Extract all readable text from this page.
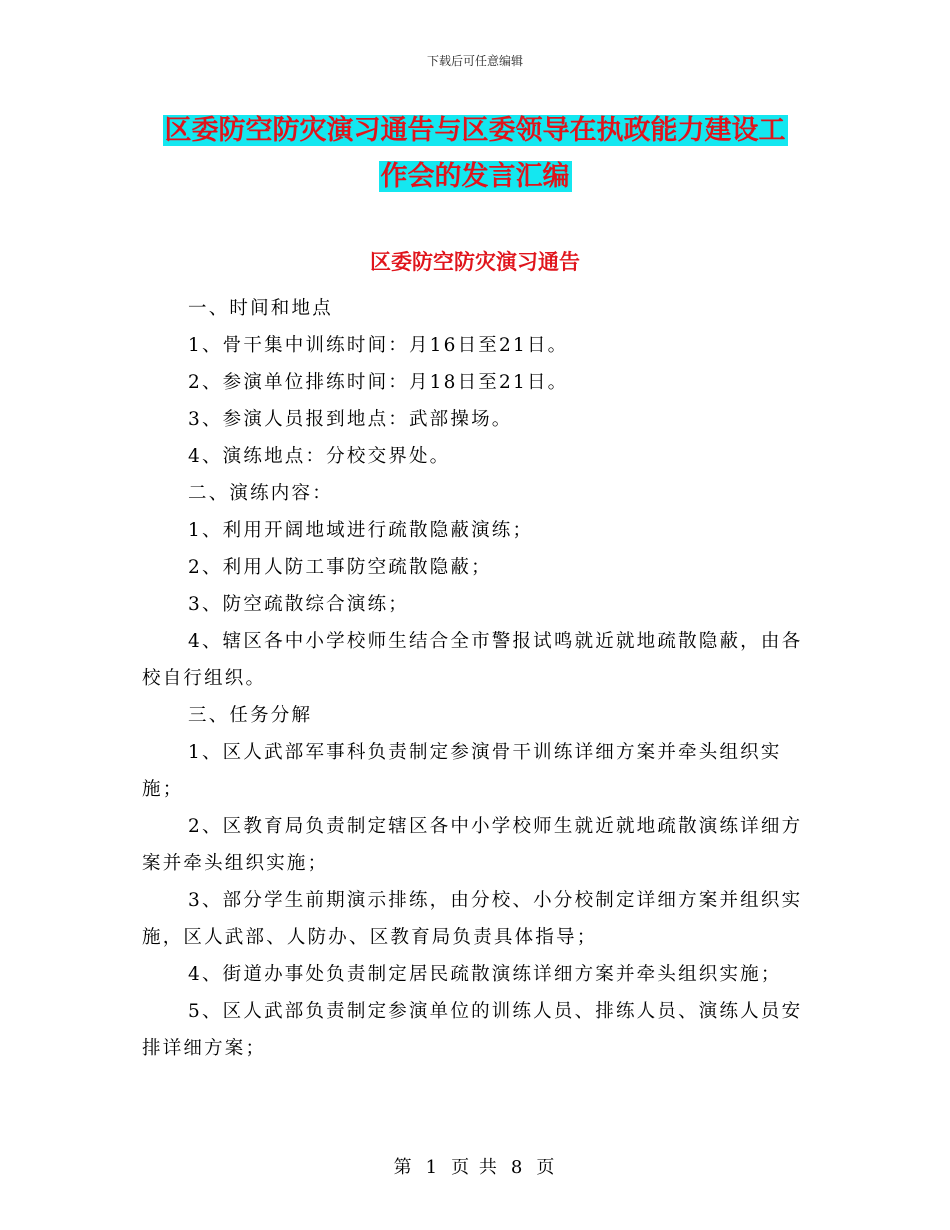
下载后可任意编辑
区委防空防灾演习通告与区委领导在执政能力建设工
作会的发言汇编
区委防空防灾演习通告

一、时间和地点

1、骨干集中训练时间：月16日至21日。

2、参演单位排练时间：月18日至21日。

3、参演人员报到地点：武部操场。

4、演练地点：分校交界处。

二、演练内容：

1、利用开阔地域进行疏散隐蔽演练；

2、利用人防工事防空疏散隐蔽；

3、防空疏散综合演练；

4、辖区各中小学校师生结合全市警报试鸣就近就地疏散隐蔽，由各校自行组织。

三、任务分解

1、区人武部军事科负责制定参演骨干训练详细方案并牵头组织实施；

2、区教育局负责制定辖区各中小学校师生就近就地疏散演练详细方案并牵头组织实施；

3、部分学生前期演示排练，由分校、小分校制定详细方案并组织实施，区人武部、人防办、区教育局负责具体指导；

4、街道办事处负责制定居民疏散演练详细方案并牵头组织实施；

5、区人武部负责制定参演单位的训练人员、排练人员、演练人员安排详细方案；

第 1 页 共 8 页
